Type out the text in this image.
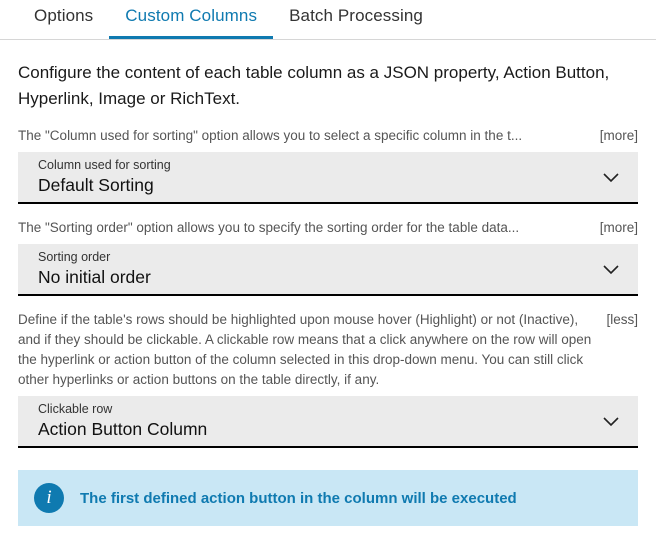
Options	Custom Columns	Batch Processing
Configure the content of each table column as a JSON property, Action Button, Hyperlink, Image or RichText.
The "Column used for sorting" option allows you to select a specific column in the t...	[more]
Column used for sorting
Default Sorting
The "Sorting order" option allows you to specify the sorting order for the table data...	[more]
Sorting order
No initial order
Define if the table's rows should be highlighted upon mouse hover (Highlight) or not (Inactive), and if they should be clickable. A clickable row means that a click anywhere on the row will open the hyperlink or action button of the column selected in this drop-down menu. You can still click other hyperlinks or action buttons on the table directly, if any.
[less]
Clickable row
Action Button Column
i	The first defined action button in the column will be executed
